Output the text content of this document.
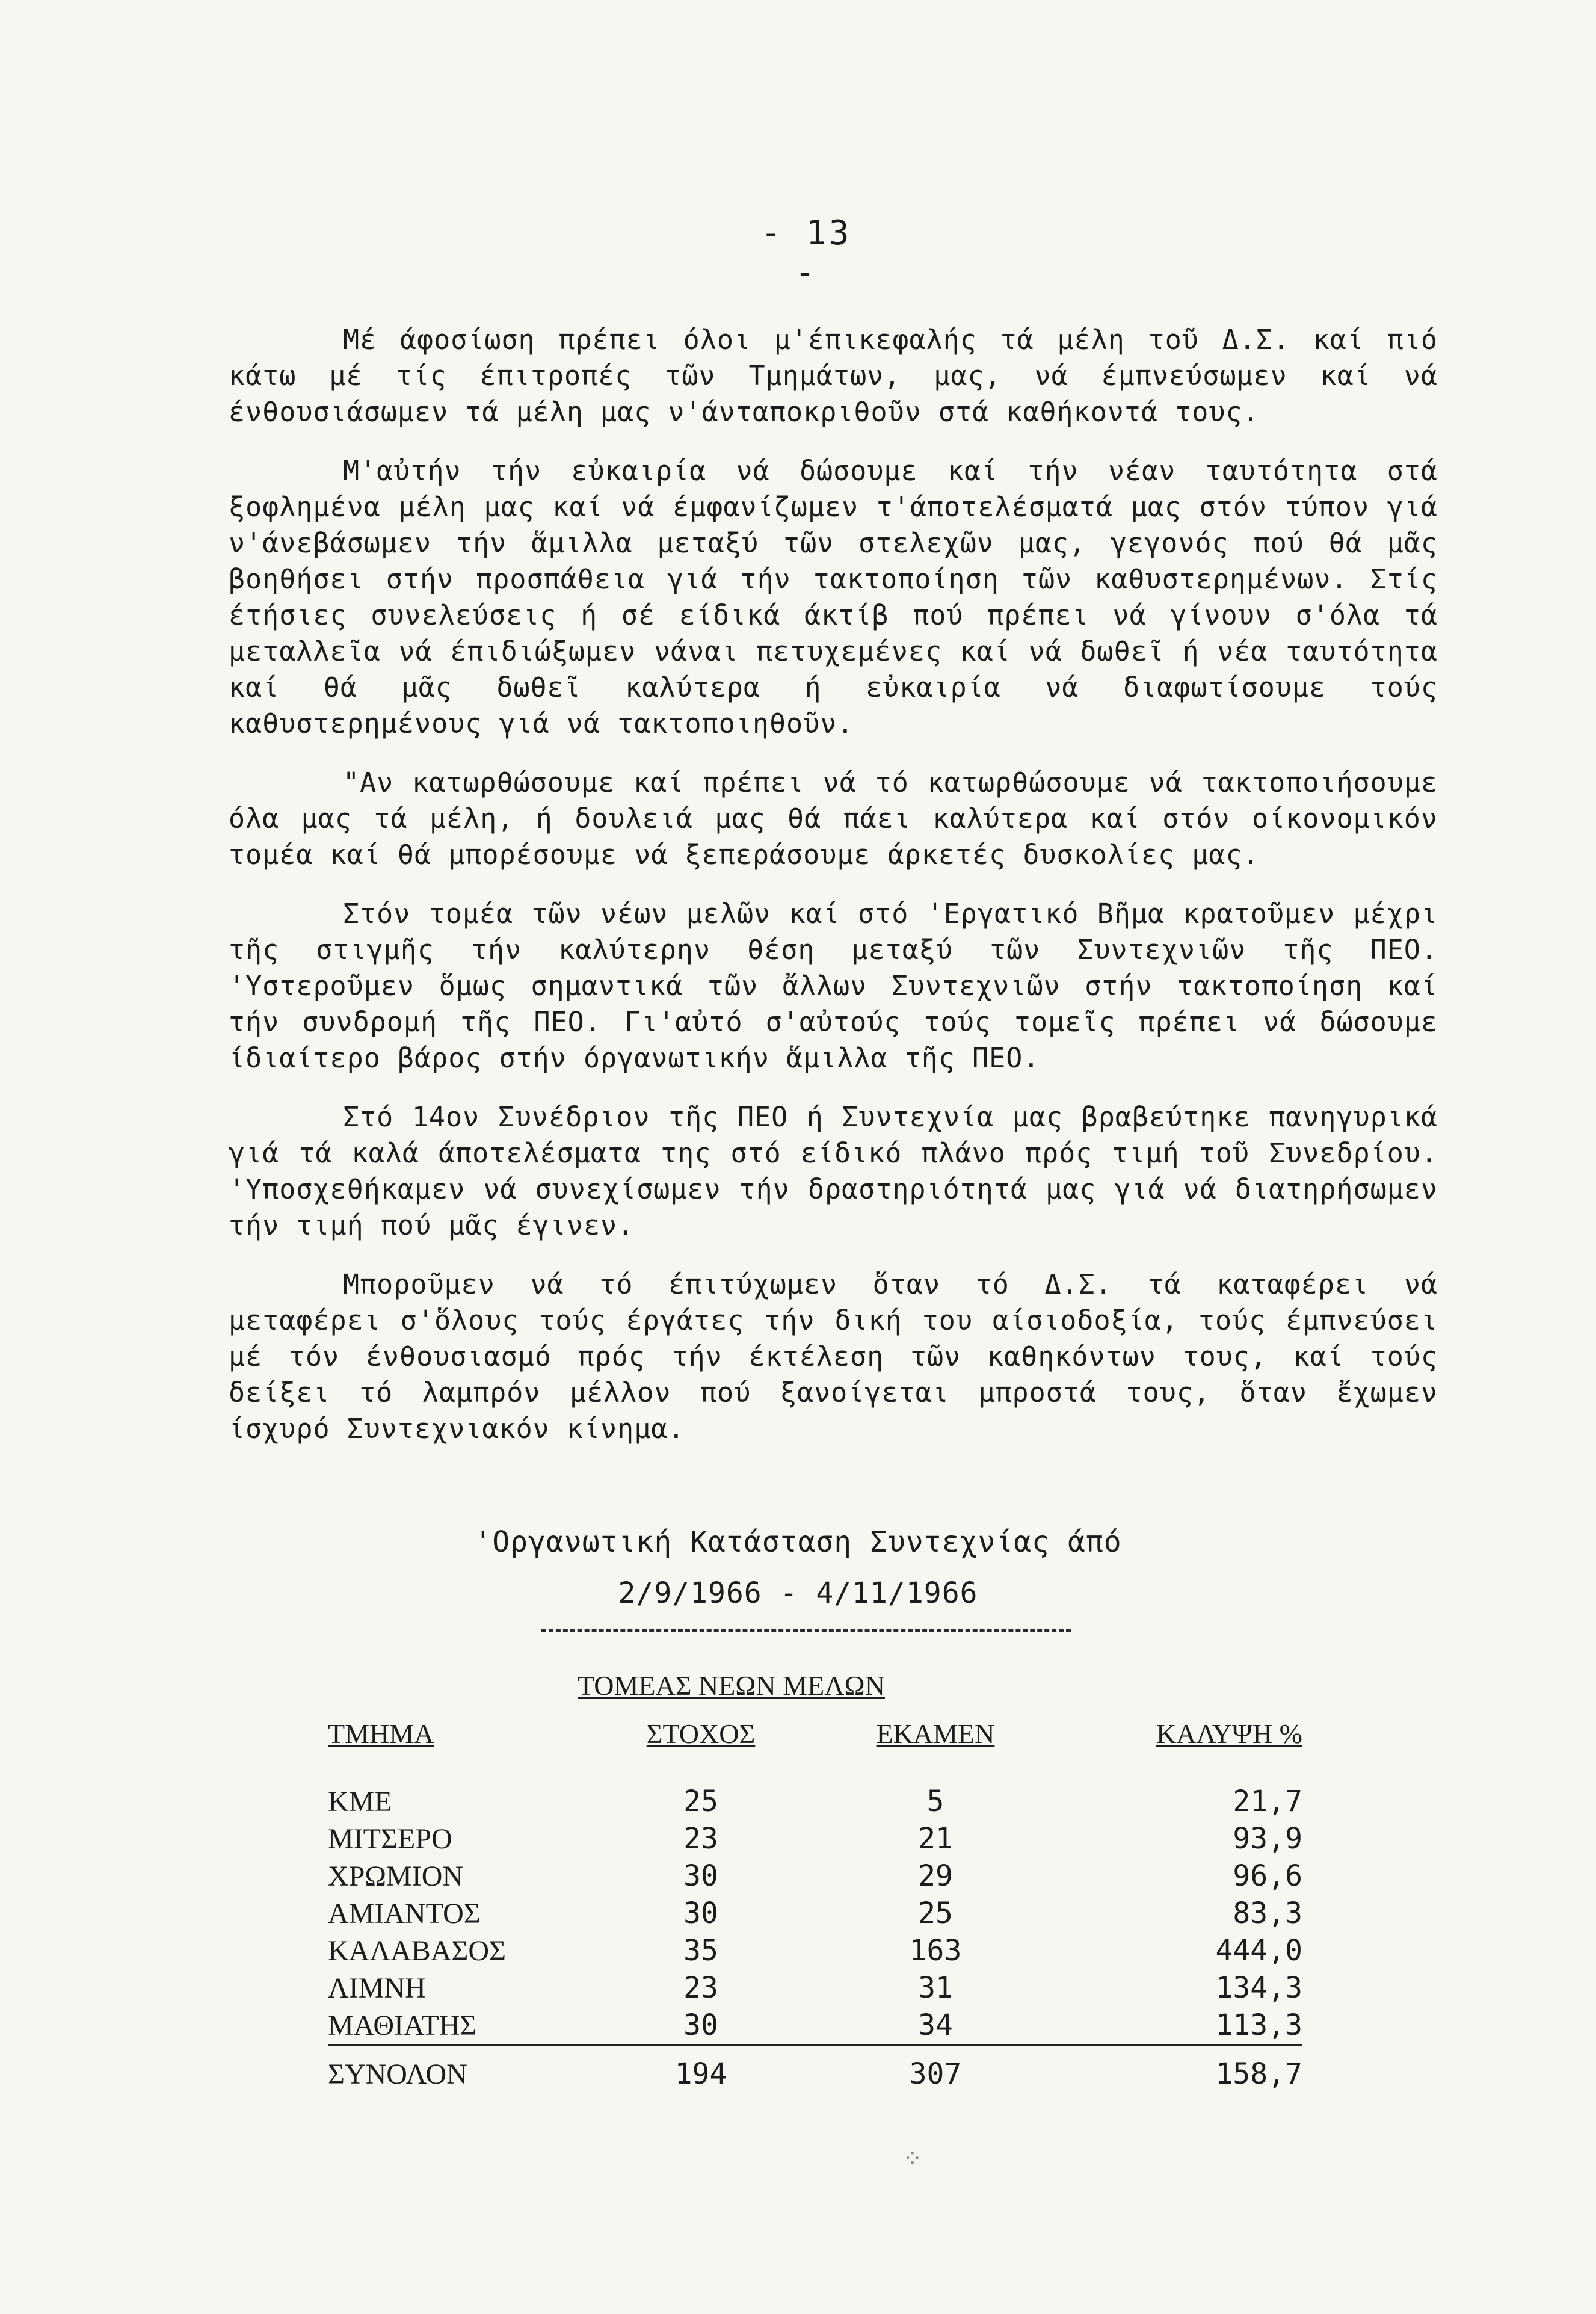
- 13 -

Μέ άφοσίωση πρέπει όλοι μ'έπικεφαλής τά μέλη τοῦ Δ.Σ. καί πιό κάτω μέ τίς έπιτροπές τῶν Τμημάτων, μας, νά έμπνεύσωμεν καί νά ένθουσιάσωμεν τά μέλη μας ν'άνταποκριθοῦν στά καθήκοντά τους.

Μ'αὐτήν τήν εὐκαιρία νά δώσουμε καί τήν νέαν ταυτότητα στά ξοφλημένα μέλη μας καί νά έμφανίζωμεν τ'άποτελέσματά μας στόν τύπον γιά ν'άνεβάσωμεν τήν ἅμιλλα μεταξύ τῶν στελεχῶν μας, γεγονός πού θά μᾶς βοηθήσει στήν προσπάθεια γιά τήν τακτοποίηση τῶν καθυστερημένων. Στίς έτήσιες συνελεύσεις ή σέ είδικά άκτίβ πού πρέπει νά γίνουν σ'όλα τά μεταλλεῖα νά έπιδιώξωμεν νάναι πετυχεμένες καί νά δωθεῖ ή νέα ταυτότητα καί θά μᾶς δωθεῖ καλύτερα ή εὐκαιρία νά διαφωτίσουμε τούς καθυστερημένους γιά νά τακτοποιηθοῦν.

"Αν κατωρθώσουμε καί πρέπει νά τό κατωρθώσουμε νά τακτοποιήσουμε όλα μας τά μέλη, ή δουλειά μας θά πάει καλύτερα καί στόν οίκονομικόν τομέα καί θά μπορέσουμε νά ξεπεράσουμε άρκετές δυσκολίες μας.

Στόν τομέα τῶν νέων μελῶν καί στό 'Εργατικό Βῆμα κρατοῦμεν μέχρι τῆς στιγμῆς τήν καλύτερην θέση μεταξύ τῶν Συντεχνιῶν τῆς ΠΕΟ. 'Υστεροῦμεν ὅμως σημαντικά τῶν ἄλλων Συντεχνιῶν στήν τακτοποίηση καί τήν συνδρομή τῆς ΠΕΟ. Γι'αὐτό σ'αὐτούς τούς τομεῖς πρέπει νά δώσουμε ίδιαίτερο βάρος στήν όργανωτικήν ἅμιλλα τῆς ΠΕΟ.

Στό 14ον Συνέδριον τῆς ΠΕΟ ή Συντεχνία μας βραβεύτηκε πανηγυρικά γιά τά καλά άποτελέσματα της στό είδικό πλάνο πρός τιμή τοῦ Συνεδρίου. 'Υποσχεθήκαμεν νά συνεχίσωμεν τήν δραστηριότητά μας γιά νά διατηρήσωμεν τήν τιμή πού μᾶς έγινεν.

Μποροῦμεν νά τό έπιτύχωμεν ὅταν τό Δ.Σ. τά καταφέρει νά μεταφέρει σ'ὅλους τούς έργάτες τήν δική του αίσιοδοξία, τούς έμπνεύσει μέ τόν ένθουσιασμό πρός τήν έκτέλεση τῶν καθηκόντων τους, καί τούς δείξει τό λαμπρόν μέλλον πού ξανοίγεται μπροστά τους, ὅταν ἔχωμεν ίσχυρό Συντεχνιακόν κίνημα.

'Οργανωτική Κατάσταση Συντεχνίας άπό
2/9/1966 - 4/11/1966
ΤΟΜΕΑΣ ΝΕΩΝ ΜΕΛΩΝ
ΤΜΗΜΑ	ΣΤΟΧΟΣ	ΕΚΑΜΕΝ	ΚΑΛΥΨΗ %
ΚΜΕ	25	5	21,7
ΜΙΤΣΕΡΟ	23	21	93,9
ΧΡΩΜΙΟΝ	30	29	96,6
ΑΜΙΑΝΤΟΣ	30	25	83,3
ΚΑΛΑΒΑΣΟΣ	35	163	444,0
ΛΙΜΝΗ	23	31	134,3
ΜΑΘΙΑΤΗΣ	30	34	113,3
ΣΥΝΟΛΟΝ	194	307	158,7
⁘
